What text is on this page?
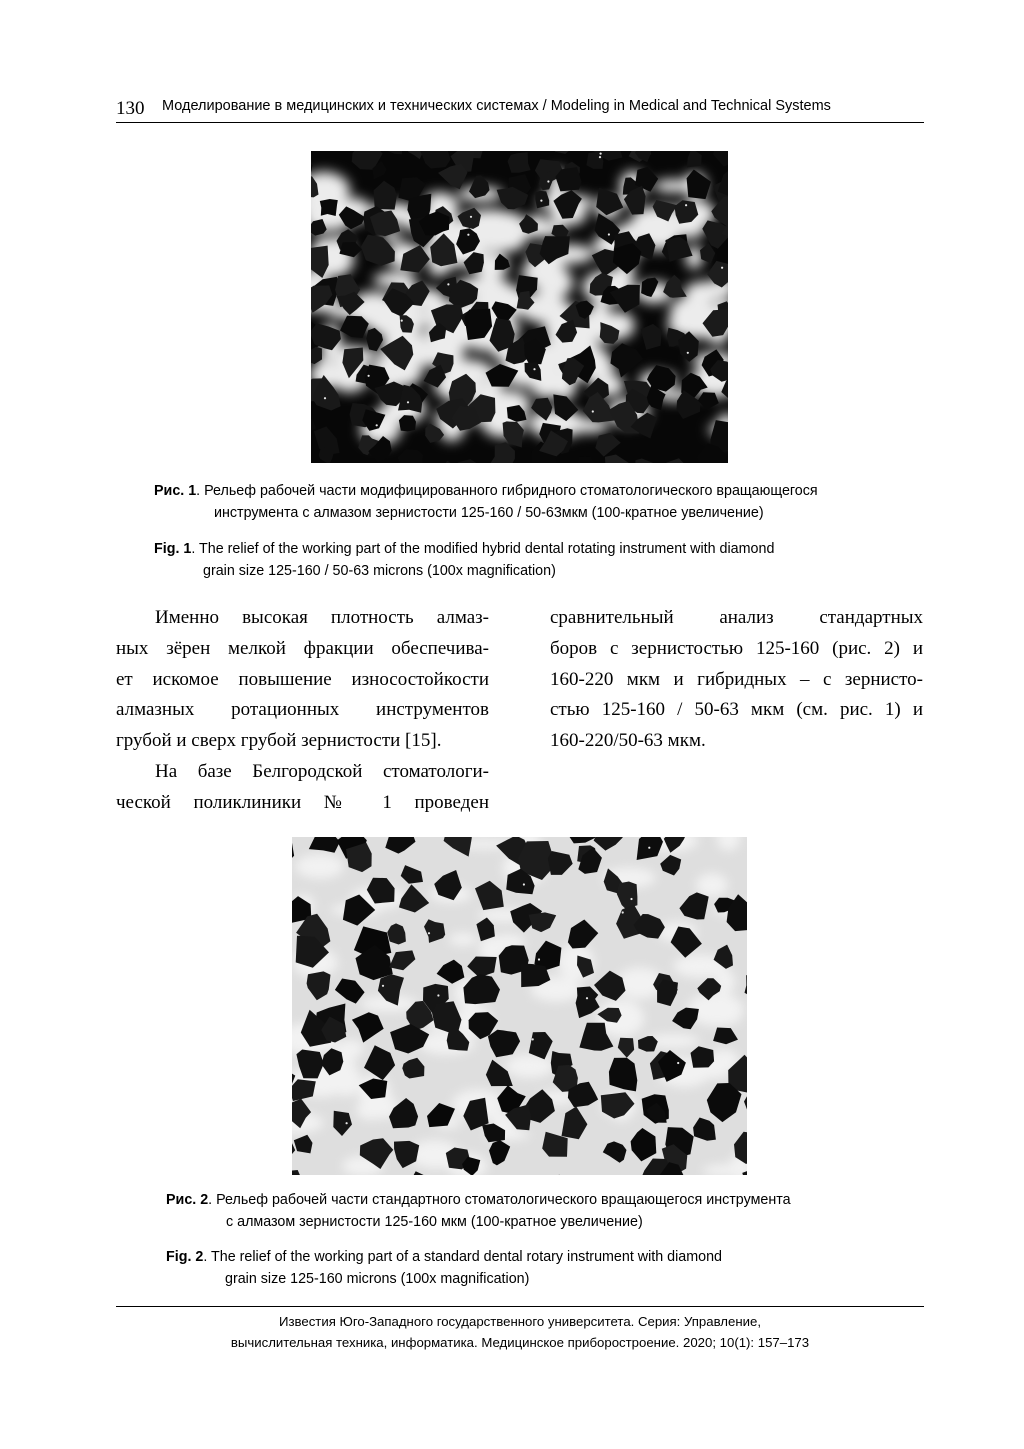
130 Моделирование в медицинских и технических системах / Modeling in Medical and Technical Systems
Рис. 1. Рельеф рабочей части модифицированного гибридного стоматологического вращающегося
инструмента с алмазом зернистости 125-160 / 50-63мкм (100-кратное увеличение)
Fig. 1. The relief of the working part of the modified hybrid dental rotating instrument with diamond
grain size 125-160 / 50-63 microns (100x magnification)
Именно высокая плотность алмаз-
ных зёрен мелкой фракции обеспечива-
ет искомое повышение износостойкости
алмазных ротационных инструментов
грубой и сверх грубой зернистости [15].
На базе Белгородской стоматологи-
ческой поликлиники № 1 проведен
сравнительный анализ стандартных
боров с зернистостью 125-160 (рис. 2) и
160-220 мкм и гибридных – с зернисто-
стью 125-160 / 50-63 мкм (см. рис. 1) и
160-220/50-63 мкм.
Рис. 2. Рельеф рабочей части стандартного стоматологического вращающегося инструмента
с алмазом зернистости 125-160 мкм (100-кратное увеличение)
Fig. 2. The relief of the working part of a standard dental rotary instrument with diamond
grain size 125-160 microns (100x magnification)
Известия Юго-Западного государственного университета. Серия: Управление,
вычислительная техника, информатика. Медицинское приборостроение. 2020; 10(1): 157–173
